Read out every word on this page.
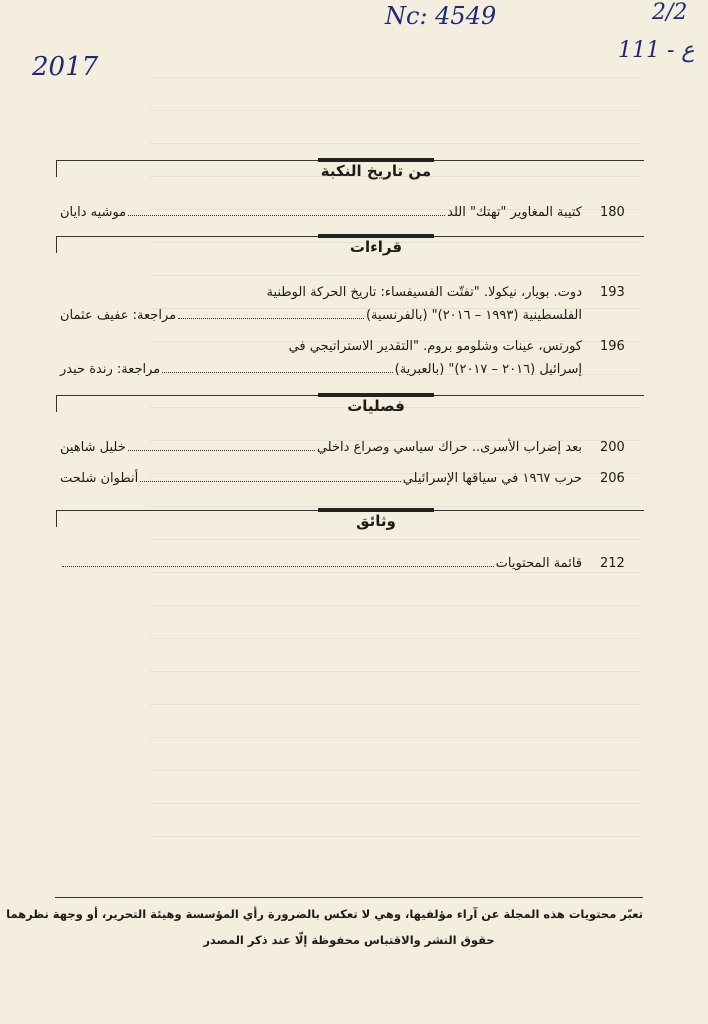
Nc: 4549	2/2
ع - 111
2017
من تاريخ النكبة
180
كتيبة المغاوير "تهتك" اللد
موشيه دايان
قراءات
193
دوت. بويار، نيكولا. "تفتّت الفسيفساء: تاريخ الحركة الوطنية
الفلسطينية (١٩٩٣ – ٢٠١٦)" (بالفرنسية)
مراجعة: عفيف عثمان
196
كورتس، عينات وشلومو بروم. "التقدير الاستراتيجي في
إسرائيل (٢٠١٦ – ٢٠١٧)" (بالعبرية)
مراجعة: رندة حيدر
فصليات
200
بعد إضراب الأسرى.. حراك سياسي وصراع داخلي
خليل شاهين
206
حرب ١٩٦٧ في سياقها الإسرائيلي
أنطوان شلحت
وثائق
212
قائمة المحتويات
تعبّر محتويات هذه المجلة عن آراء مؤلفيها، وهي لا تعكس بالضرورة رأي المؤسسة وهيئة التحرير، أو وجهة نظرهما
حقوق النشر والاقتباس محفوظة إلّا عند ذكر المصدر
